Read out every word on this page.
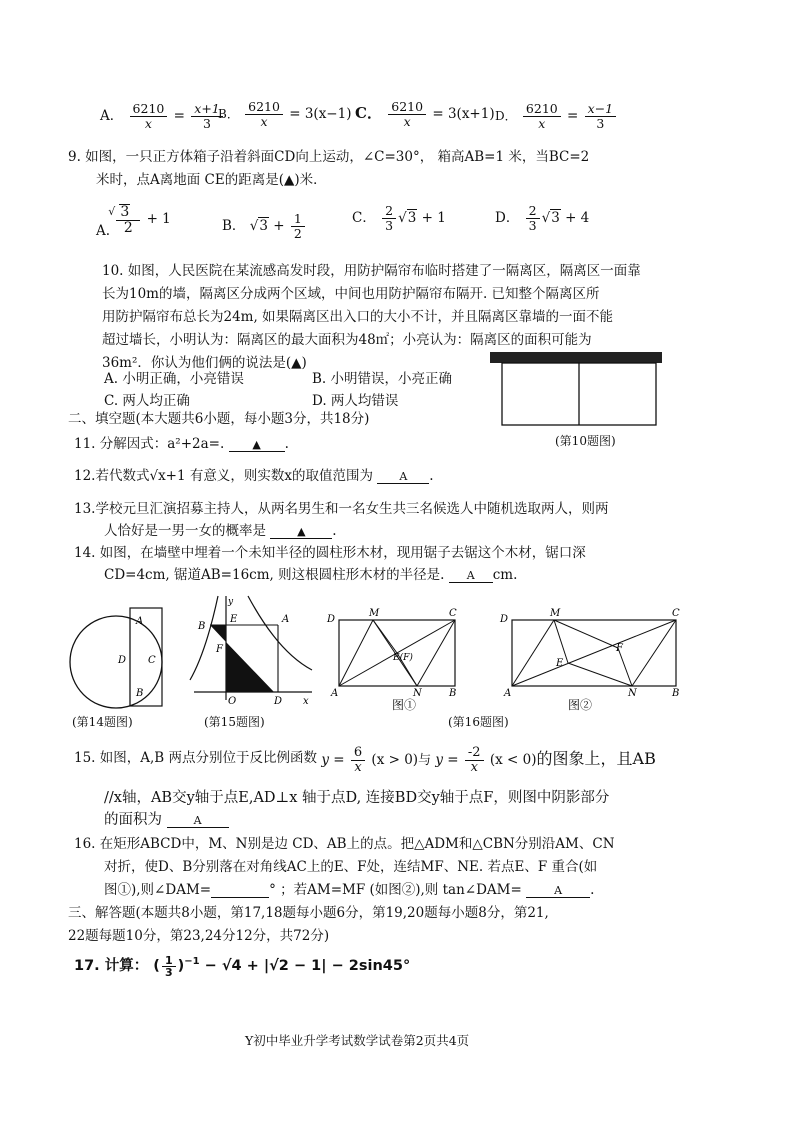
A． $\frac{6210}{x} = \frac{x+1}{3}$
B． $\frac{6210}{x} = 3(x-1)$ C． $\frac{6210}{x} = 3(x+1)$ D． $\frac{6210}{x} = \frac{x-1}{3}$
9. 如图，一只正方体箱子沿着斜面CD向上运动，∠C=30°， 箱高AB=1 米，当BC=2
米时，点A离地面 CE的距离是(▲)米．
A. $\frac{3√}{2} + 1$	B． $√3 + \frac{1}{2}$	C． $\frac{2}{3} √3 + 1$	D． $\frac{2}{3} √3 + 4$
10. 如图，人民医院在某流感高发时段，用防护隔帘布临时搭建了一隔离区，隔离区一面靠
长为10m的墙，隔离区分成两个区域，中间也用防护隔帘布隔开. 已知整个隔离区所
用防护隔帘布总长为24m, 如果隔离区出入口的大小不计，并且隔离区靠墙的一面不能
超过墙长，小明认为：隔离区的最大面积为48㎡；小亮认为：隔离区的面积可能为
36m²．你认为他们俩的说法是(▲)
A. 小明正确，小亮错误	B. 小明错误，小亮正确
C. 两人均正确	D. 两人均错误
(第10题图)
二、填空题(本大题共6小题，每小题3分，共18分)
11. 分解因式：a²+2a=.	▲ .
12.若代数式√x+1 有意义，则实数x的取值范围为 A .
13.学校元旦汇演招募主持人，从两名男生和一名女生共三名候选人中随机选取两人，则两
人恰好是一男一女的概率是	▲ .
14. 如图，在墙壁中埋着一个未知半径的圆柱形木材，现用锯子去锯这个木材，锯口深
CD=4cm, 锯道AB=16cm, 则这根圆柱形木材的半径是. A cm.
A
D C
B
(第14题图)
y
B
E	A
F
O	D x
(第15题图)
D
M	C
E(F)
A	N	B
图①
D
M	C
E
F
A	N	B
图②
(第16题图)
15. 如图，A,B 两点分别位于反比例函数 $y = \frac{6}{x} (x > 0)$与 $y = \frac{-2}{x} (x < 0)$的图象上，且AB
//x轴，AB交y轴于点E,AD⊥x 轴于点D, 连接BD交y轴于点F，则图中阴影部分
的面积为	A
16. 在矩形ABCD中，M、N别是边 CD、AB上的点。把△ADM和△CBN分别沿AM、CN
对折，使D、B分别落在对角线AC上的E、F处，连结MF、NE. 若点E、F 重合(如
图①),则∠DAM=	° ；若AM=MF (如图②),则 tan∠DAM=	A .
三、解答题(本题共8小题，第17,18题每小题6分，第19,20题每小题8分，第21,
22题每题10分，第23,24分12分，共72分)
17. 计算： ( $\frac{1}{3} )^{-1} - √4 + |√2 - 1| - 2\sin 45^\circ$
Y初中毕业升学考试数学试卷第2页共4页
